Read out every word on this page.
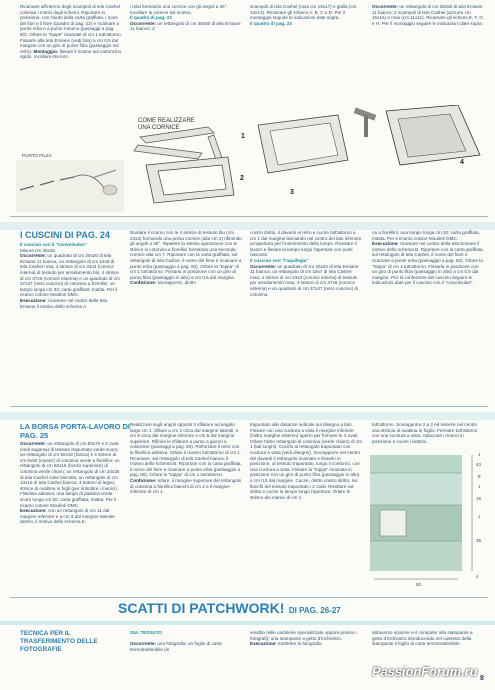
Ricamare all'interno degli scampoli di tela Cashel colorata i motivi degli schemi. Riportare in posizione, con l'aiuto della carta graffiata, i nomi dei fiori e il fiore (quadro di pag. 22) e ricamare a punto erba e a punto rumeno (passaggi a pag. 80). Orlare le "toppe" ricamate di cm 1 tutt'attorno. Fissarle alla tela Emiane (vedi foto) a cm 0,5 dal margine con un giro di punto filza (passaggio sul retro). Montaggio: fissare il ricamo sul cartoncino rigido. Incollare itra loro
i telai formando una cornice con gli angoli a 45°. Incollare la cornice sul ricamo.
Il quadro di pag. 22
Occorrente: un rettangolo di cm 38x50 di tela Emiane 11 bianco; 2
scampoli di tela Cashel (rosa cm 15x17) e gialla (cm 14x13). Ricamare gli schemi A, B, C e D. Per il montaggio seguire le indicazioni date sopra.
Il quadro di pag. 23
Occorrente: un rettangolo di cm 38x50 di tela Emiane 11 bianco; 2 scampoli di tela Cashel (azzurra cm 15x16) e rosa (cm 11x11). Ricamare gli schemi E, F, G e H. Per il montaggio seguire le indicazioni date sopra.
PUNTO FILZA
COME REALIZZARE UNA CORNICE
1
2
3
4
I CUSCINI DI PAG. 24
Il cuscino con il "convolvulus"
Misura cm 35x35.
Occorrente: un quadrato di cm 20x20 di tela Emiane 11 bianca; un rettangolo di cm 12x6 di tela Cashel rosa; 4 strisce di cm 23x3 (cornice interna) di tessuto per arredamento blu; 4 strisce di cm 37x9 (cornice esterna) e un quadrato di cm 37x37 (retro cuscino) di cotonina a fiorellini; un lampo lunga cm 33; carta graffiata; matita. Per il ricamo cotone Mouliné DMC.
Esecuzione: ricamare nel centro della tela Emiane il motivo dello schema A.
Bordare il ricamo con le 4 strisce di tessuto blu (cm 23x3) formando una prima cornice (alta cm 2) rifinendo gli angoli a 45°. Ripetere la stessa operazione con le strisce in cotonina a fiorellini formando una seconda cornice alta cm 7. Riportare con la carta graffiata, sul rettangolo di tela Cashel, il nome del fiore e ricamare a punto erba (passaggio a pag. 80). Orlare la "toppa" di cm 1 tutt'attorno. Fissarla in posizione con un giro di punto filza (passaggio in alto) a cm 0,5 dal margine.
Confezione: sovrapporre, diritto
contro diritto, il davanti al retro e cucire tutt'attorno a cm 1 dal margine lasciando nel centro del lato inferiore un'apertura per l'inserimento della lampo. Rivoltare il lavoro e fissare la lampo lungo l'apertura con punti nascosti.
Il cuscino con "l'aquilegia"
Occorrente: un quadrato di cm 20x20 di tela Emiane 11 bianca; un rettangolo di cm 19x7 di tela Cashel rosa; 4 strisce di cm 23x3 (cornice interna) di tessuto per arredamento rosa; 4 strisce di cm 37x9 (cornice esterna) e un quadrato di cm 37x37 (retro cuscino) di cotonina
na a fiorellini; una lampo lunga cm 20; carta graffiata, matita. Per il ricamo cotone Mouliné DMC.
Esecuzione: ricamare nel centro della tela Emiane il motivo dello schema B. Riportare con la carta graffiata, sul rettangolo di tela Cashel, il nome del fiore e ricamare a punto erba (passaggio a pag. 80). Orlare la "toppa" di cm 1 tutt'attorno. Fissarla in posizione con un giro di punto filza (passaggio in alto) a cm 0,5 dal margine. Per la confezione del cuscino seguire le indicazioni date per il cuscino con il "convolvulus".
LA BORSA PORTA-LAVORO DI PAG. 25
Occorrente: un rettangolo di cm 50x70 e 2 ovali (vedi sagoma) di tessuto trapuntato verde scuro; un rettangolo di cm 50x18 (fascia) e 4 strisce di cm 6x80 (manici) di cotonina verde a fiorellini; un rettangolo di cm 50x15 (bordo superiore) di cotonina verde chiaro; un rettangolo di cm 24x35 di tela Cashel color biscotto; un rettangolo di cm 13x15 di tela Cashel bianca; 4 bottoni di legno; strisce di ovattina in fogli (per imbottire i manici). Fliselina adesiva; una lampo di plastica verde scuro lunga cm 50; carta graffiata; matita. Per il ricamo cotone Mouliné DMC.
Esecuzione: con un rettangolo di cm 11 dal margine inferiore e a cm 3 dal margine laterale destro, il motivo dello schema E.
Realizzare sugli angoli opposti 2 sfilature ad angolo largo cm 1. Sfilare a cm 2 circa dal margine laterali, e cm 8 circa dal margine inferiore e cm 5 dal margine superiore. Rifinire le sfilature a punto a giorno a colonnine (passaggi a pag. 84). Rinforzare il retro con la fliselina adesiva. Orlare il ricamo tutt'attorno di cm 1. Ricamare, sul rettangolo di tela Cashel bianca, il motivo dello schema B. Riportare con la carta graffiata, il nome del fiore e ricamare a punto erba (passaggio a pag. 80). Orlare la "toppa" di cm 1 tutt'attorno.
Confezione: orlare, il margine superiore del rettangolo di cotonina a fiorellini bianchi di cm 2 e il margine inferiore di cm 1.
trapuntato alle distanze indicate sul disegno a lato. Fissare con una cucitura a vista il margine inferiore (l'altro margine esterno) aperto per formare le 2 ovali. Orlare l'altro rettangolo di cotonina (verde chiaro) di cm 1 (lati lunghi). Cucirlo al rettangolo trapuntato con cucitura a vista (vedi disegno). Sovrapporre nel centro del davanti il rettangolo ricamato e fissarlo in posizione, al tessuto trapuntato, lungo il contorno, con una cucitura a vista. Fissare la "toppa" ricamata in posizione con un giro di punto filza (passaggio in alto) a cm 0,5 dal margine. Cucire, diritto contro diritto, sui fianchi del tessuto trapuntato i 2 ovali. Rivoltare sul diritto e cucire la lampo lungo l'apertura. Orlare le strisce dei manici di cm 1
tutt'attorno. Sovrapporre 2 a 2 ed inserire nel centro una striscia di ovattina in foglio. Fermare tutt'attorno con una cucitura a vista. Attaccare i manici in posizione e cucire i bottoni.
1
43
8
1
15
1
35
50
4
SCATTI DI PATCHWORK! DI PAG. 26-27
TECNICA PER IL TRASFERIMENTO DELLE FOTOGRAFIE
SUL TESSUTO

Occorrente: una fotografia; un foglio di carta termotrasferibile (in
vendita nelle cartolerie specializzate oppure presso i fotografi); una stampante a getto d'inchiostro.
Esecuzione: trasferire la fotografia
attraverso scanner e il computer alla stampante a getto d'inchiostro introducendo nel cassetto della stampante il foglio di carta termotrasferibile.
PassionForum.ru 8
